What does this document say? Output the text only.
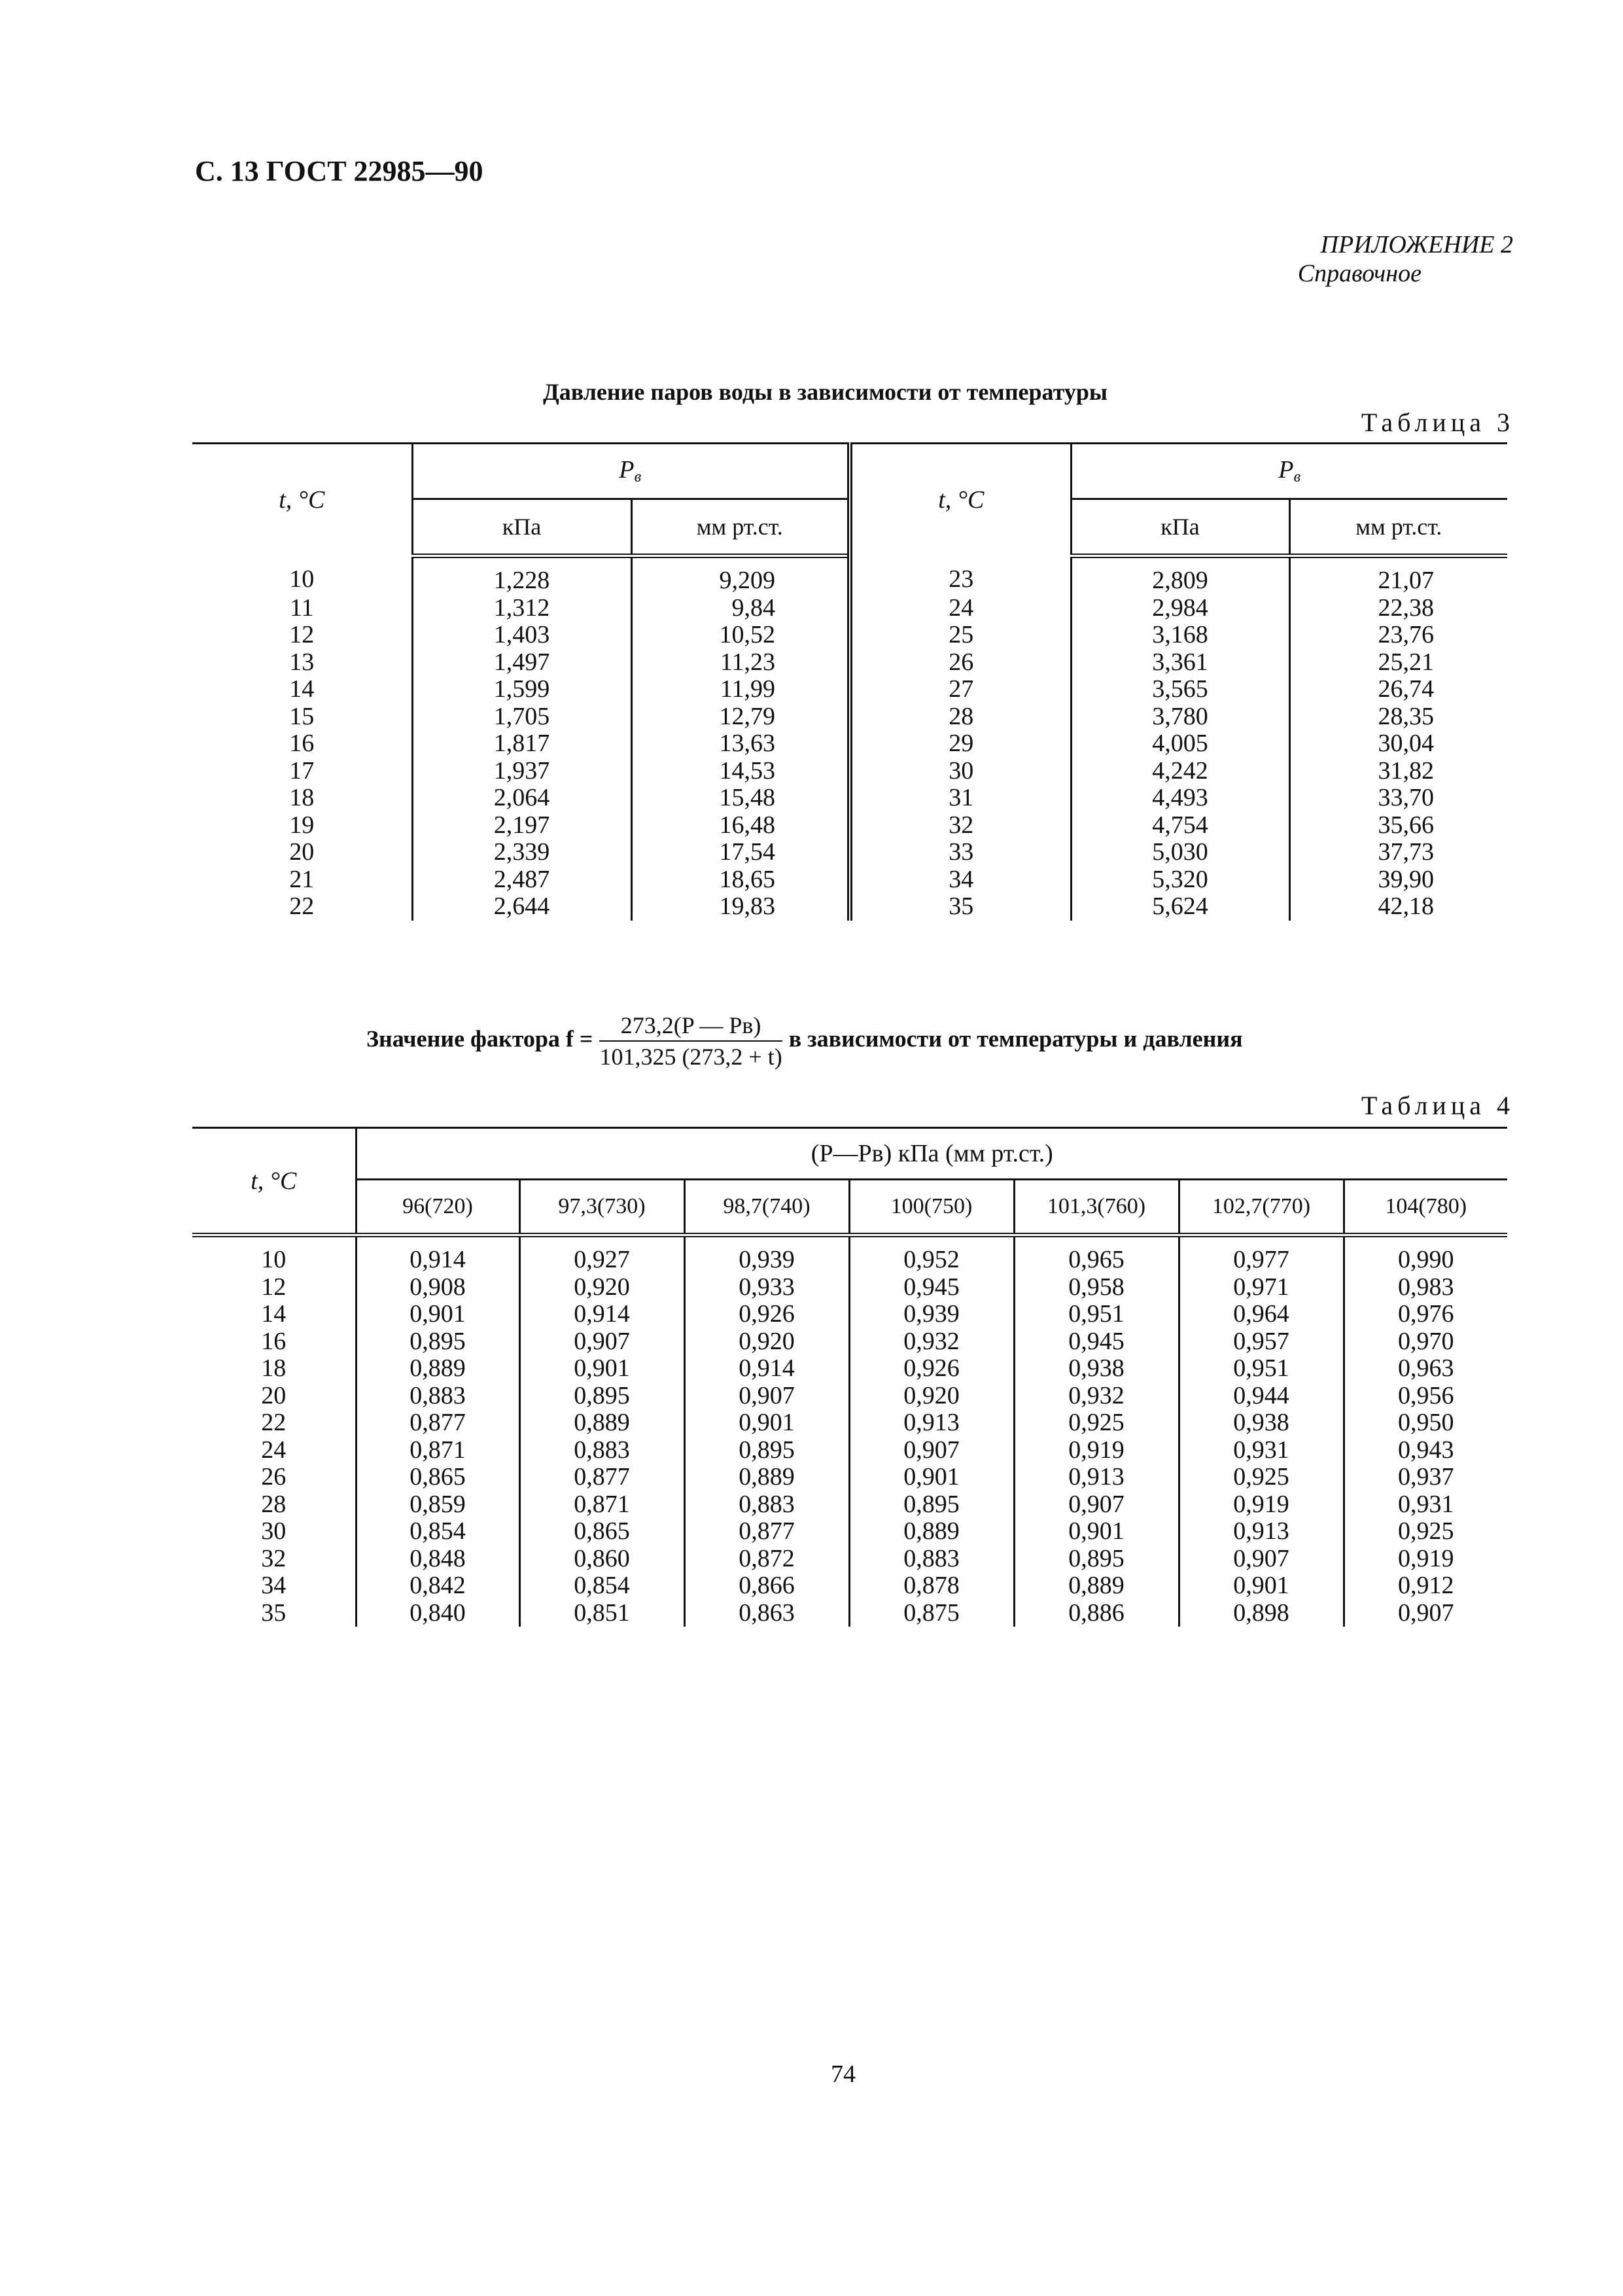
С. 13 ГОСТ 22985—90
ПРИЛОЖЕНИЕ 2
Справочное
Давление паров воды в зависимости от температуры
Таблица 3
t, °С	$P_в$		t, °С	$P_в$
	кПа	мм рт.ст.		кПа	мм рт.ст.
10	1,228	9,209	23	2,809	21,07
11	1,312	9,84	24	2,984	22,38
12	1,403	10,52	25	3,168	23,76
13	1,497	11,23	26	3,361	25,21
14	1,599	11,99	27	3,565	26,74
15	1,705	12,79	28	3,780	28,35
16	1,817	13,63	29	4,005	30,04
17	1,937	14,53	30	4,242	31,82
18	2,064	15,48	31	4,493	33,70
19	2,197	16,48	32	4,754	35,66
20	2,339	17,54	33	5,030	37,73
21	2,487	18,65	34	5,320	39,90
22	2,644	19,83	35	5,624	42,18
Значение фактора $f = \frac{273,2(P — Pв)}{101,325 (273,2 + t)}$ в зависимости от температуры и давления
Таблица 4
t, °С	(P—Pв) кПа (мм рт.ст.)						
	96(720)	97,3(730)	98,7(740)	100(750)	101,3(760)	102,7(770)	104(780)
10	0,914	0,927	0,939	0,952	0,965	0,977	0,990
12	0,908	0,920	0,933	0,945	0,958	0,971	0,983
14	0,901	0,914	0,926	0,939	0,951	0,964	0,976
16	0,895	0,907	0,920	0,932	0,945	0,957	0,970
18	0,889	0,901	0,914	0,926	0,938	0,951	0,963
20	0,883	0,895	0,907	0,920	0,932	0,944	0,956
22	0,877	0,889	0,901	0,913	0,925	0,938	0,950
24	0,871	0,883	0,895	0,907	0,919	0,931	0,943
26	0,865	0,877	0,889	0,901	0,913	0,925	0,937
28	0,859	0,871	0,883	0,895	0,907	0,919	0,931
30	0,854	0,865	0,877	0,889	0,901	0,913	0,925
32	0,848	0,860	0,872	0,883	0,895	0,907	0,919
34	0,842	0,854	0,866	0,878	0,889	0,901	0,912
35	0,840	0,851	0,863	0,875	0,886	0,898	0,907
74
